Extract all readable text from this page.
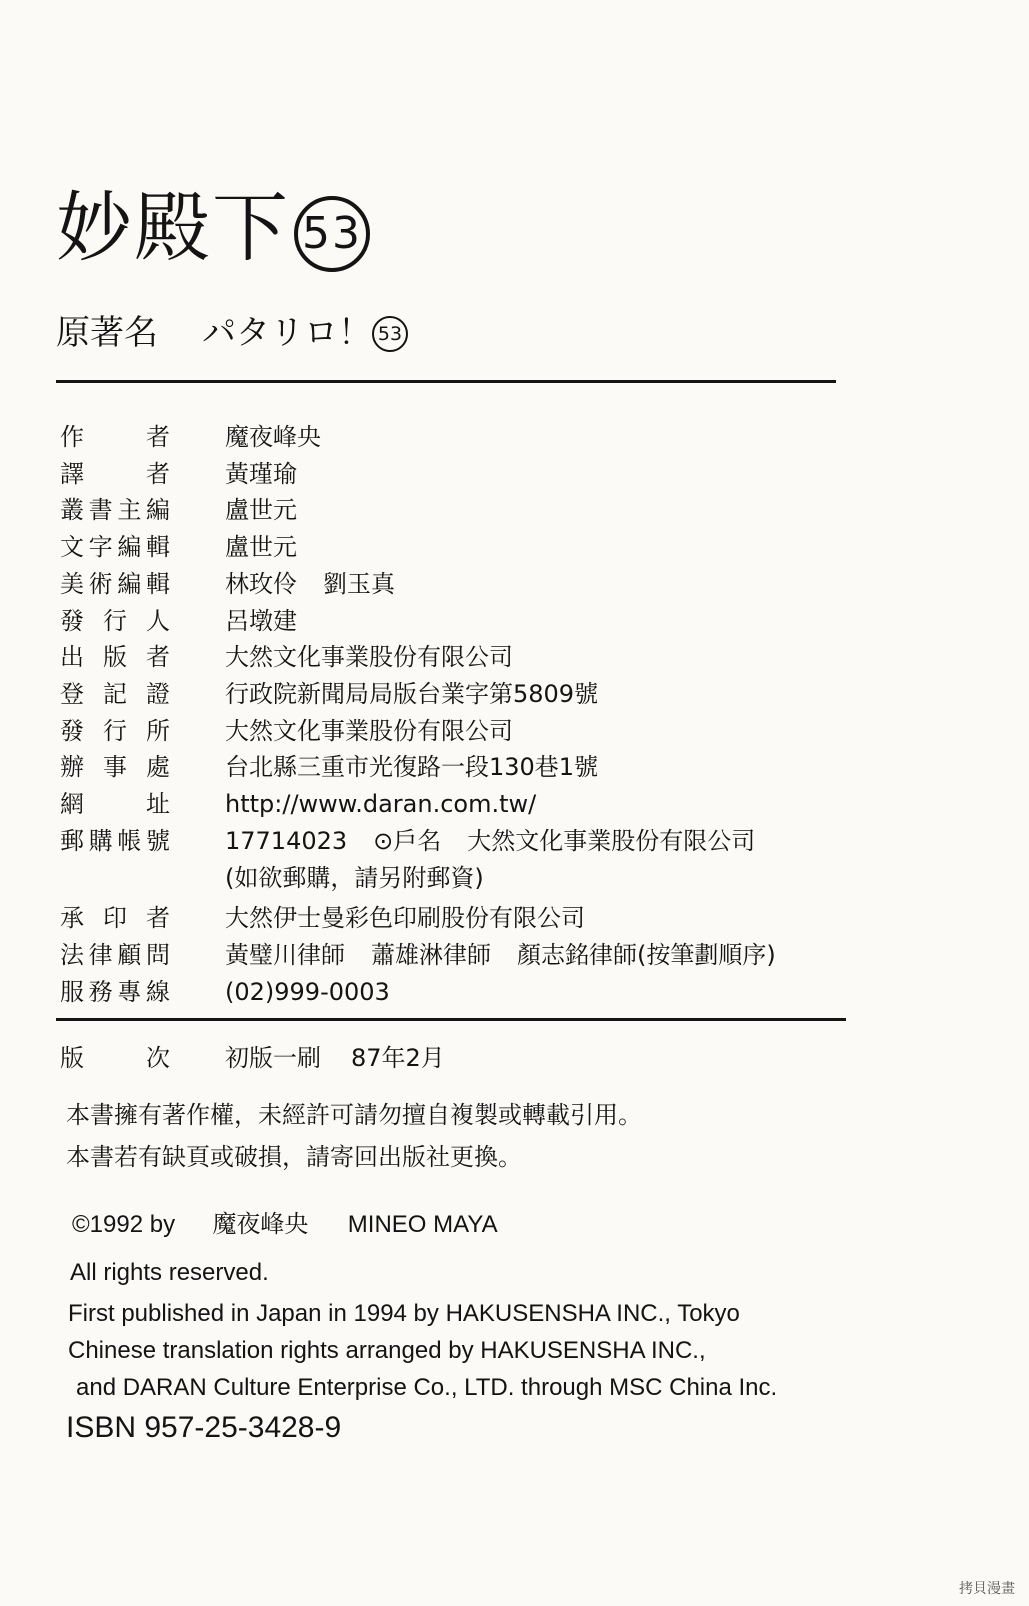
妙殿下 53
原著名 パタリロ！ 53
作者 魔夜峰央
譯者 黃瑾瑜
叢書主編 盧世元
文字編輯 盧世元
美術編輯 林玫伶 劉玉真
發行人 呂墩建
出版者 大然文化事業股份有限公司
登記證 行政院新聞局局版台業字第5809號
發行所 大然文化事業股份有限公司
辦事處 台北縣三重市光復路一段130巷1號
網址 http://www.daran.com.tw/
郵購帳號 17714023 ⊙戶名 大然文化事業股份有限公司
(如欲郵購，請另附郵資)
承印者 大然伊士曼彩色印刷股份有限公司
法律顧問 黃璧川律師 蕭雄淋律師 顏志銘律師(按筆劃順序)
服務專線 (02)999-0003
版次 初版一刷 87年2月
本書擁有著作權，未經許可請勿擅自複製或轉載引用。
本書若有缺頁或破損，請寄回出版社更換。
©1992 by 魔夜峰央 MINEO MAYA
All rights reserved.
First published in Japan in 1994 by HAKUSENSHA INC., Tokyo
Chinese translation rights arranged by HAKUSENSHA INC.,
and DARAN Culture Enterprise Co., LTD. through MSC China Inc.
ISBN 957-25-3428-9
拷貝漫畫
